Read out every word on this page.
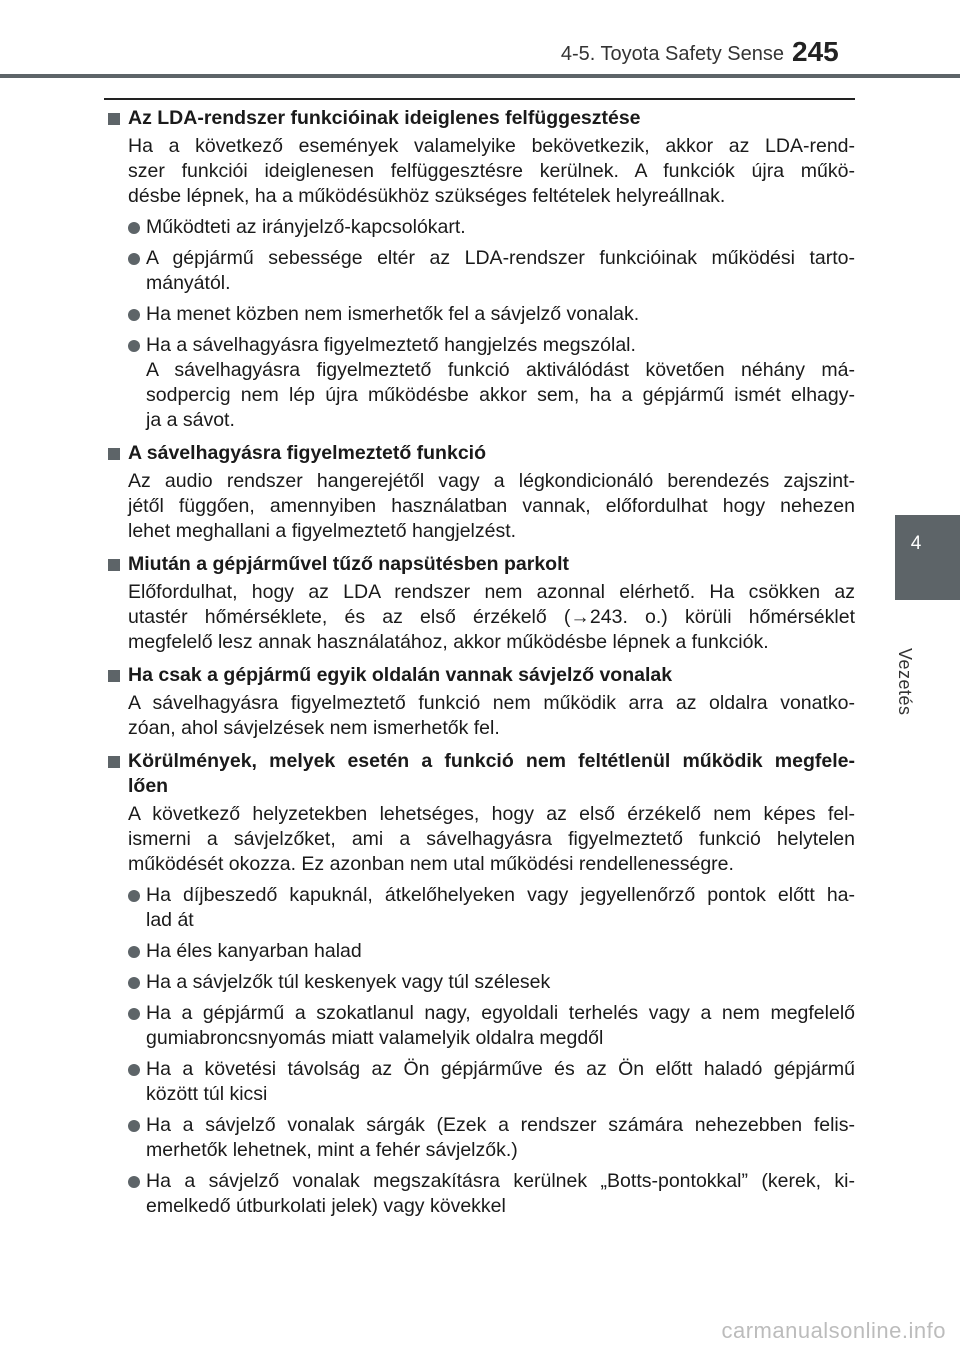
4-5. Toyota Safety Sense 245
4
Vezetés
Az LDA-rendszer funkcióinak ideiglenes felfüggesztése
Ha a következő események valamelyike bekövetkezik, akkor az LDA-rend-
szer funkciói ideiglenesen felfüggesztésre kerülnek. A funkciók újra műkö-
désbe lépnek, ha a működésükhöz szükséges feltételek helyreállnak.
Működteti az irányjelző-kapcsolókart.
A gépjármű sebessége eltér az LDA-rendszer funkcióinak működési tarto-
mányától.
Ha menet közben nem ismerhetők fel a sávjelző vonalak.
Ha a sávelhagyásra figyelmeztető hangjelzés megszólal.
A sávelhagyásra figyelmeztető funkció aktiválódást követően néhány má-
sodpercig nem lép újra működésbe akkor sem, ha a gépjármű ismét elhagy-
ja a sávot.
A sávelhagyásra figyelmeztető funkció
Az audio rendszer hangerejétől vagy a légkondicionáló berendezés zajszint-
jétől függően, amennyiben használatban vannak, előfordulhat hogy nehezen
lehet meghallani a figyelmeztető hangjelzést.
Miután a gépjárművel tűző napsütésben parkolt
Előfordulhat, hogy az LDA rendszer nem azonnal elérhető. Ha csökken az
utastér hőmérséklete, és az első érzékelő (→243. o.) körüli hőmérséklet
megfelelő lesz annak használatához, akkor működésbe lépnek a funkciók.
Ha csak a gépjármű egyik oldalán vannak sávjelző vonalak
A sávelhagyásra figyelmeztető funkció nem működik arra az oldalra vonatko-
zóan, ahol sávjelzések nem ismerhetők fel.
Körülmények, melyek esetén a funkció nem feltétlenül működik megfele-
lően
A következő helyzetekben lehetséges, hogy az első érzékelő nem képes fel-
ismerni a sávjelzőket, ami a sávelhagyásra figyelmeztető funkció helytelen
működését okozza. Ez azonban nem utal működési rendellenességre.
Ha díjbeszedő kapuknál, átkelőhelyeken vagy jegyellenőrző pontok előtt ha-
lad át
Ha éles kanyarban halad
Ha a sávjelzők túl keskenyek vagy túl szélesek
Ha a gépjármű a szokatlanul nagy, egyoldali terhelés vagy a nem megfelelő
gumiabroncsnyomás miatt valamelyik oldalra megdől
Ha a követési távolság az Ön gépjárműve és az Ön előtt haladó gépjármű
között túl kicsi
Ha a sávjelző vonalak sárgák (Ezek a rendszer számára nehezebben felis-
merhetők lehetnek, mint a fehér sávjelzők.)
Ha a sávjelző vonalak megszakításra kerülnek „Botts-pontokkal” (kerek, ki-
emelkedő útburkolati jelek) vagy kövekkel
carmanualsonline.info
